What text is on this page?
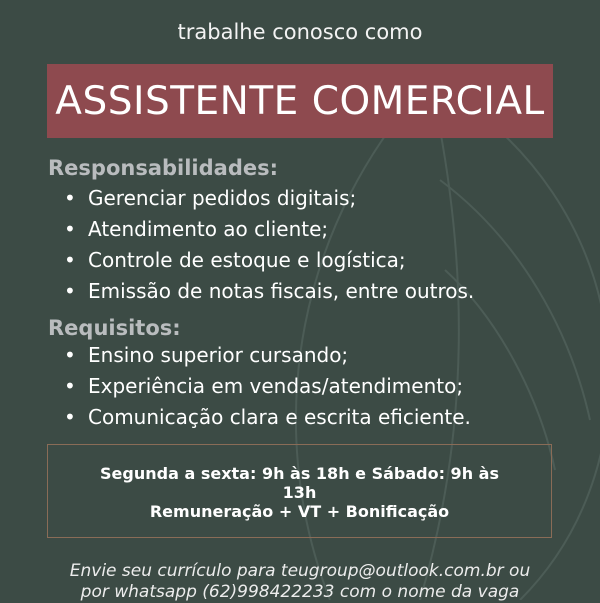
trabalhe conosco como
ASSISTENTE COMERCIAL
Responsabilidades:
• Gerenciar pedidos digitais;
• Atendimento ao cliente;
• Controle de estoque e logística;
• Emissão de notas fiscais, entre outros.
Requisitos:
• Ensino superior cursando;
• Experiência em vendas/atendimento;
• Comunicação clara e escrita eficiente.
Segunda a sexta: 9h às 18h e Sábado: 9h às 13h
Remuneração + VT + Bonificação
Envie seu currículo para teugroup@outlook.com.br ou
por whatsapp (62)998422233 com o nome da vaga
